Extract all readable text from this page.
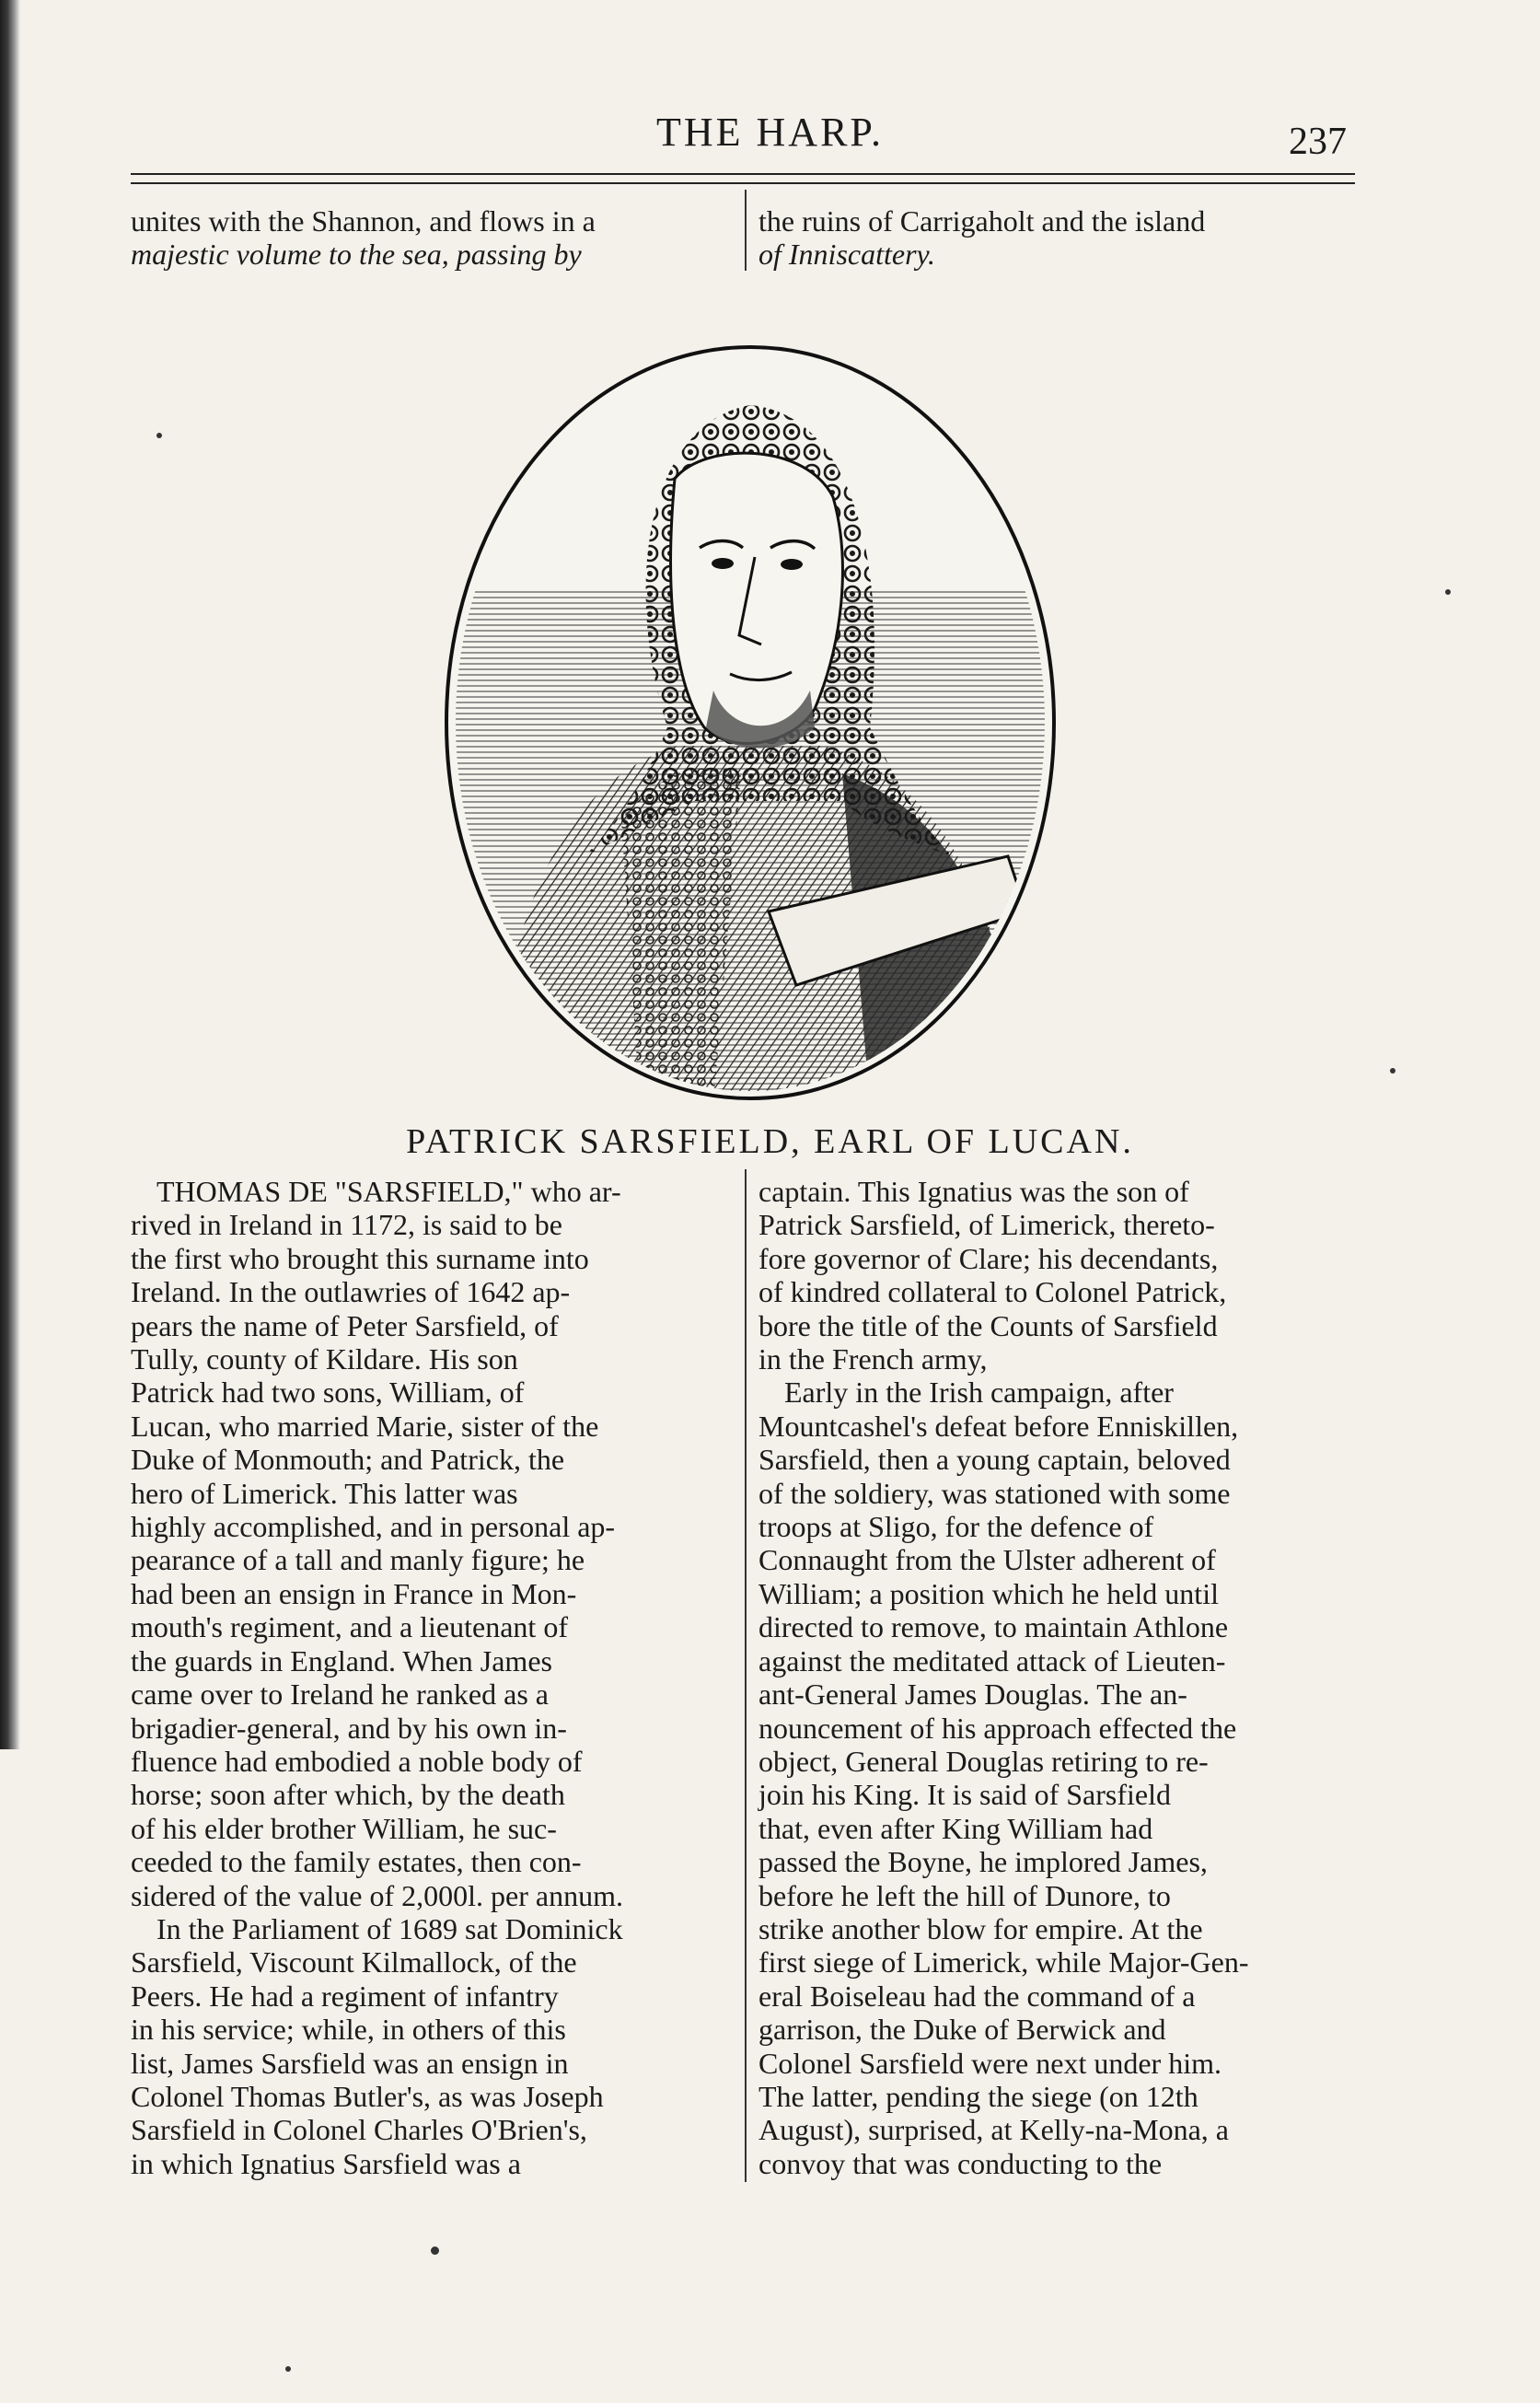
THE HARP.	237
unites with the Shannon, and flows in a
majestic volume to the sea, passing by
the ruins of Carrigaholt and the island
of Inniscattery.
PATRICK SARSFIELD, EARL OF LUCAN.
THOMAS DE "SARSFIELD," who ar-
rived in Ireland in 1172, is said to be
the first who brought this surname into
Ireland. In the outlawries of 1642 ap-
pears the name of Peter Sarsfield, of
Tully, county of Kildare. His son
Patrick had two sons, William, of
Lucan, who married Marie, sister of the
Duke of Monmouth; and Patrick, the
hero of Limerick. This latter was
highly accomplished, and in personal ap-
pearance of a tall and manly figure; he
had been an ensign in France in Mon-
mouth's regiment, and a lieutenant of
the guards in England. When James
came over to Ireland he ranked as a
brigadier-general, and by his own in-
fluence had embodied a noble body of
horse; soon after which, by the death
of his elder brother William, he suc-
ceeded to the family estates, then con-
sidered of the value of 2,000l. per annum.
In the Parliament of 1689 sat Dominick
Sarsfield, Viscount Kilmallock, of the
Peers. He had a regiment of infantry
in his service; while, in others of this
list, James Sarsfield was an ensign in
Colonel Thomas Butler's, as was Joseph
Sarsfield in Colonel Charles O'Brien's,
in which Ignatius Sarsfield was a
captain. This Ignatius was the son of
Patrick Sarsfield, of Limerick, thereto-
fore governor of Clare; his decendants,
of kindred collateral to Colonel Patrick,
bore the title of the Counts of Sarsfield
in the French army,
Early in the Irish campaign, after
Mountcashel's defeat before Enniskillen,
Sarsfield, then a young captain, beloved
of the soldiery, was stationed with some
troops at Sligo, for the defence of
Connaught from the Ulster adherent of
William; a position which he held until
directed to remove, to maintain Athlone
against the meditated attack of Lieuten-
ant-General James Douglas. The an-
nouncement of his approach effected the
object, General Douglas retiring to re-
join his King. It is said of Sarsfield
that, even after King William had
passed the Boyne, he implored James,
before he left the hill of Dunore, to
strike another blow for empire. At the
first siege of Limerick, while Major-Gen-
eral Boiseleau had the command of a
garrison, the Duke of Berwick and
Colonel Sarsfield were next under him.
The latter, pending the siege (on 12th
August), surprised, at Kelly-na-Mona, a
convoy that was conducting to the
